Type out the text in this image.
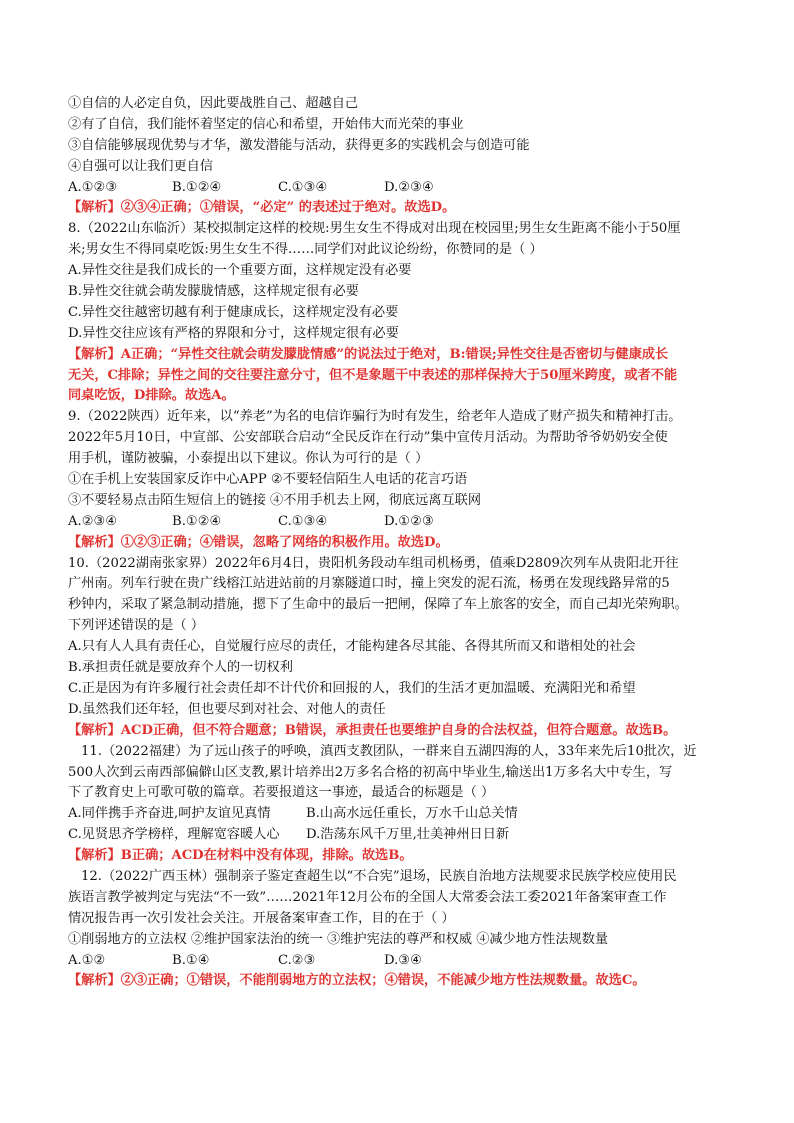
①自信的人必定自负，因此要战胜自己、超越自己
②有了自信，我们能怀着坚定的信心和希望，开始伟大而光荣的事业
③自信能够展现优势与才华，激发潜能与活动，获得更多的实践机会与创造可能
④自强可以让我们更自信
A.①②③	B.①②④	C.①③④	D.②③④
【解析】②③④正确；①错误，“必定” 的表述过于绝对。故选D。
8.（2022山东临沂）某校拟制定这样的校规:男生女生不得成对出现在校园里;男生女生距离不能小于50厘
米;男女生不得同桌吃饭:男生女生不得……同学们对此议论纷纷，你赞同的是（ ）
A.异性交往是我们成长的一个重要方面，这样规定没有必要
B.异性交往就会萌发朦胧情感，这样规定很有必要
C.异性交往越密切越有利于健康成长，这样规定没有必要
D.异性交往应该有严格的界限和分寸，这样规定很有必要
【解析】A正确；“异性交往就会萌发朦胧情感”的说法过于绝对，B:错误;异性交往是否密切与健康成长
无关，C排除；异性之间的交往要注意分寸，但不是象题干中表述的那样保持大于50厘米跨度，或者不能
同桌吃饭，D排除。故选A。
9.（2022陕西）近年来，以“养老”为名的电信诈骗行为时有发生，给老年人造成了财产损失和精神打击。
2022年5月10日，中宣部、公安部联合启动“全民反诈在行动”集中宣传月活动。为帮助爷爷奶奶安全使
用手机，谨防被骗，小泰提出以下建议。你认为可行的是（ ）
①在手机上安装国家反诈中心APP ②不要轻信陌生人电话的花言巧语
③不要轻易点击陌生短信上的链接 ④不用手机去上网，彻底远离互联网
A.②③④	B.①②④	C.①③④	D.①②③
【解析】①②③正确；④错误，忽略了网络的积极作用。故选D。
10.（2022湖南张家界）2022年6月4日，贵阳机务段动车组司机杨勇，值乘D2809次列车从贵阳北开往
广州南。列车行驶在贵广线榕江站进站前的月寨隧道口时，撞上突发的泥石流，杨勇在发现线路异常的5
秒钟内，采取了紧急制动措施，摁下了生命中的最后一把闸，保障了车上旅客的安全，而自己却光荣殉职。
下列评述错误的是（ ）
A.只有人人具有责任心，自觉履行应尽的责任，才能构建各尽其能、各得其所而又和谐相处的社会
B.承担责任就是要放弃个人的一切权利
C.正是因为有许多履行社会责任却不计代价和回报的人，我们的生活才更加温暖、充满阳光和希望
D.虽然我们还年轻，但也要尽到对社会、对他人的责任
【解析】ACD正确，但不符合题意；B错误，承担责任也要维护自身的合法权益，但符合题意。故选B。
11.（2022福建）为了远山孩子的呼唤，滇西支教团队，一群来自五湖四海的人，33年来先后10批次，近
500人次到云南西部偏僻山区支教,累计培养出2万多名合格的初高中毕业生,输送出1万多名大中专生，写
下了教育史上可歌可敬的篇章。若要报道这一事迹，最适合的标题是（ ）
A.同伴携手齐奋进,呵护友谊见真情	B.山高水远任重长，万水千山总关情
C.见贤思齐学榜样，理解宽容暖人心 D.浩荡东风千万里,壮美神州日日新
【解析】B正确；ACD在材料中没有体现，排除。故选B。
12.（2022广西玉林）强制亲子鉴定查超生以“不合宪”退场，民族自治地方法规要求民族学校应使用民
族语言教学被判定与宪法“不一致”……2021年12月公布的全国人大常委会法工委2021年备案审查工作
情况报告再一次引发社会关注。开展备案审查工作，目的在于（ ）
①削弱地方的立法权 ②维护国家法治的统一 ③维护宪法的尊严和权威 ④减少地方性法规数量
A.①②	B.①④	C.②③	D.③④
【解析】②③正确；①错误，不能削弱地方的立法权；④错误，不能减少地方性法规数量。故选C。
